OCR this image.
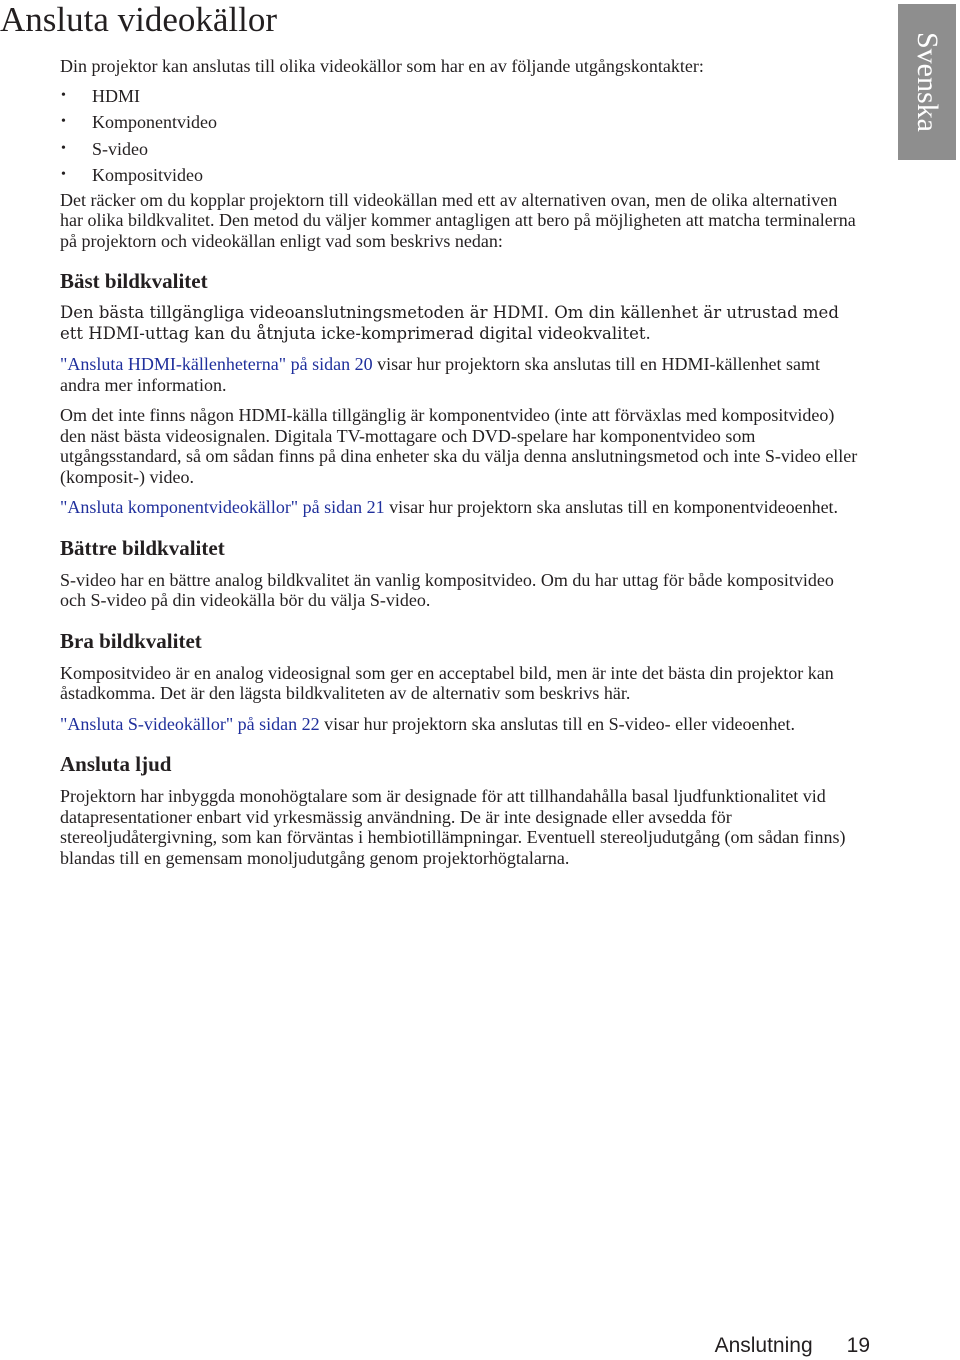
Ansluta videokällor
Svenska

Din projektor kan anslutas till olika videokällor som har en av följande utgångskontakter:

• HDMI
• Komponentvideo
• S-video
• Kompositvideo

Det räcker om du kopplar projektorn till videokällan med ett av alternativen ovan, men de olika alternativen har olika bildkvalitet. Den metod du väljer kommer antagligen att bero på möjligheten att matcha terminalerna på projektorn och videokällan enligt vad som beskrivs nedan:

Bäst bildkvalitet

Den bästa tillgängliga videoanslutningsmetoden är HDMI. Om din källenhet är utrustad med ett HDMI-uttag kan du åtnjuta icke-komprimerad digital videokvalitet.

"Ansluta HDMI-källenheterna" på sidan 20 visar hur projektorn ska anslutas till en HDMI-källenhet samt andra mer information.

Om det inte finns någon HDMI-källa tillgänglig är komponentvideo (inte att förväxlas med kompositvideo) den näst bästa videosignalen. Digitala TV-mottagare och DVD-spelare har komponentvideo som utgångsstandard, så om sådan finns på dina enheter ska du välja denna anslutningsmetod och inte S-video eller (komposit-) video.

"Ansluta komponentvideokällor" på sidan 21 visar hur projektorn ska anslutas till en komponentvideoenhet.

Bättre bildkvalitet

S-video har en bättre analog bildkvalitet än vanlig kompositvideo. Om du har uttag för både kompositvideo och S-video på din videokälla bör du välja S-video.

Bra bildkvalitet

Kompositvideo är en analog videosignal som ger en acceptabel bild, men är inte det bästa din projektor kan åstadkomma. Det är den lägsta bildkvaliteten av de alternativ som beskrivs här.

"Ansluta S-videokällor" på sidan 22 visar hur projektorn ska anslutas till en S-video- eller videoenhet.

Ansluta ljud

Projektorn har inbyggda monohögtalare som är designade för att tillhandahålla basal ljudfunktionalitet vid datapresentationer enbart vid yrkesmässig användning. De är inte designade eller avsedda för stereoljudåtergivning, som kan förväntas i hembiotillämpningar. Eventuell stereoljudutgång (om sådan finns) blandas till en gemensam monoljudutgång genom projektorhögtalarna.

Anslutning 19
